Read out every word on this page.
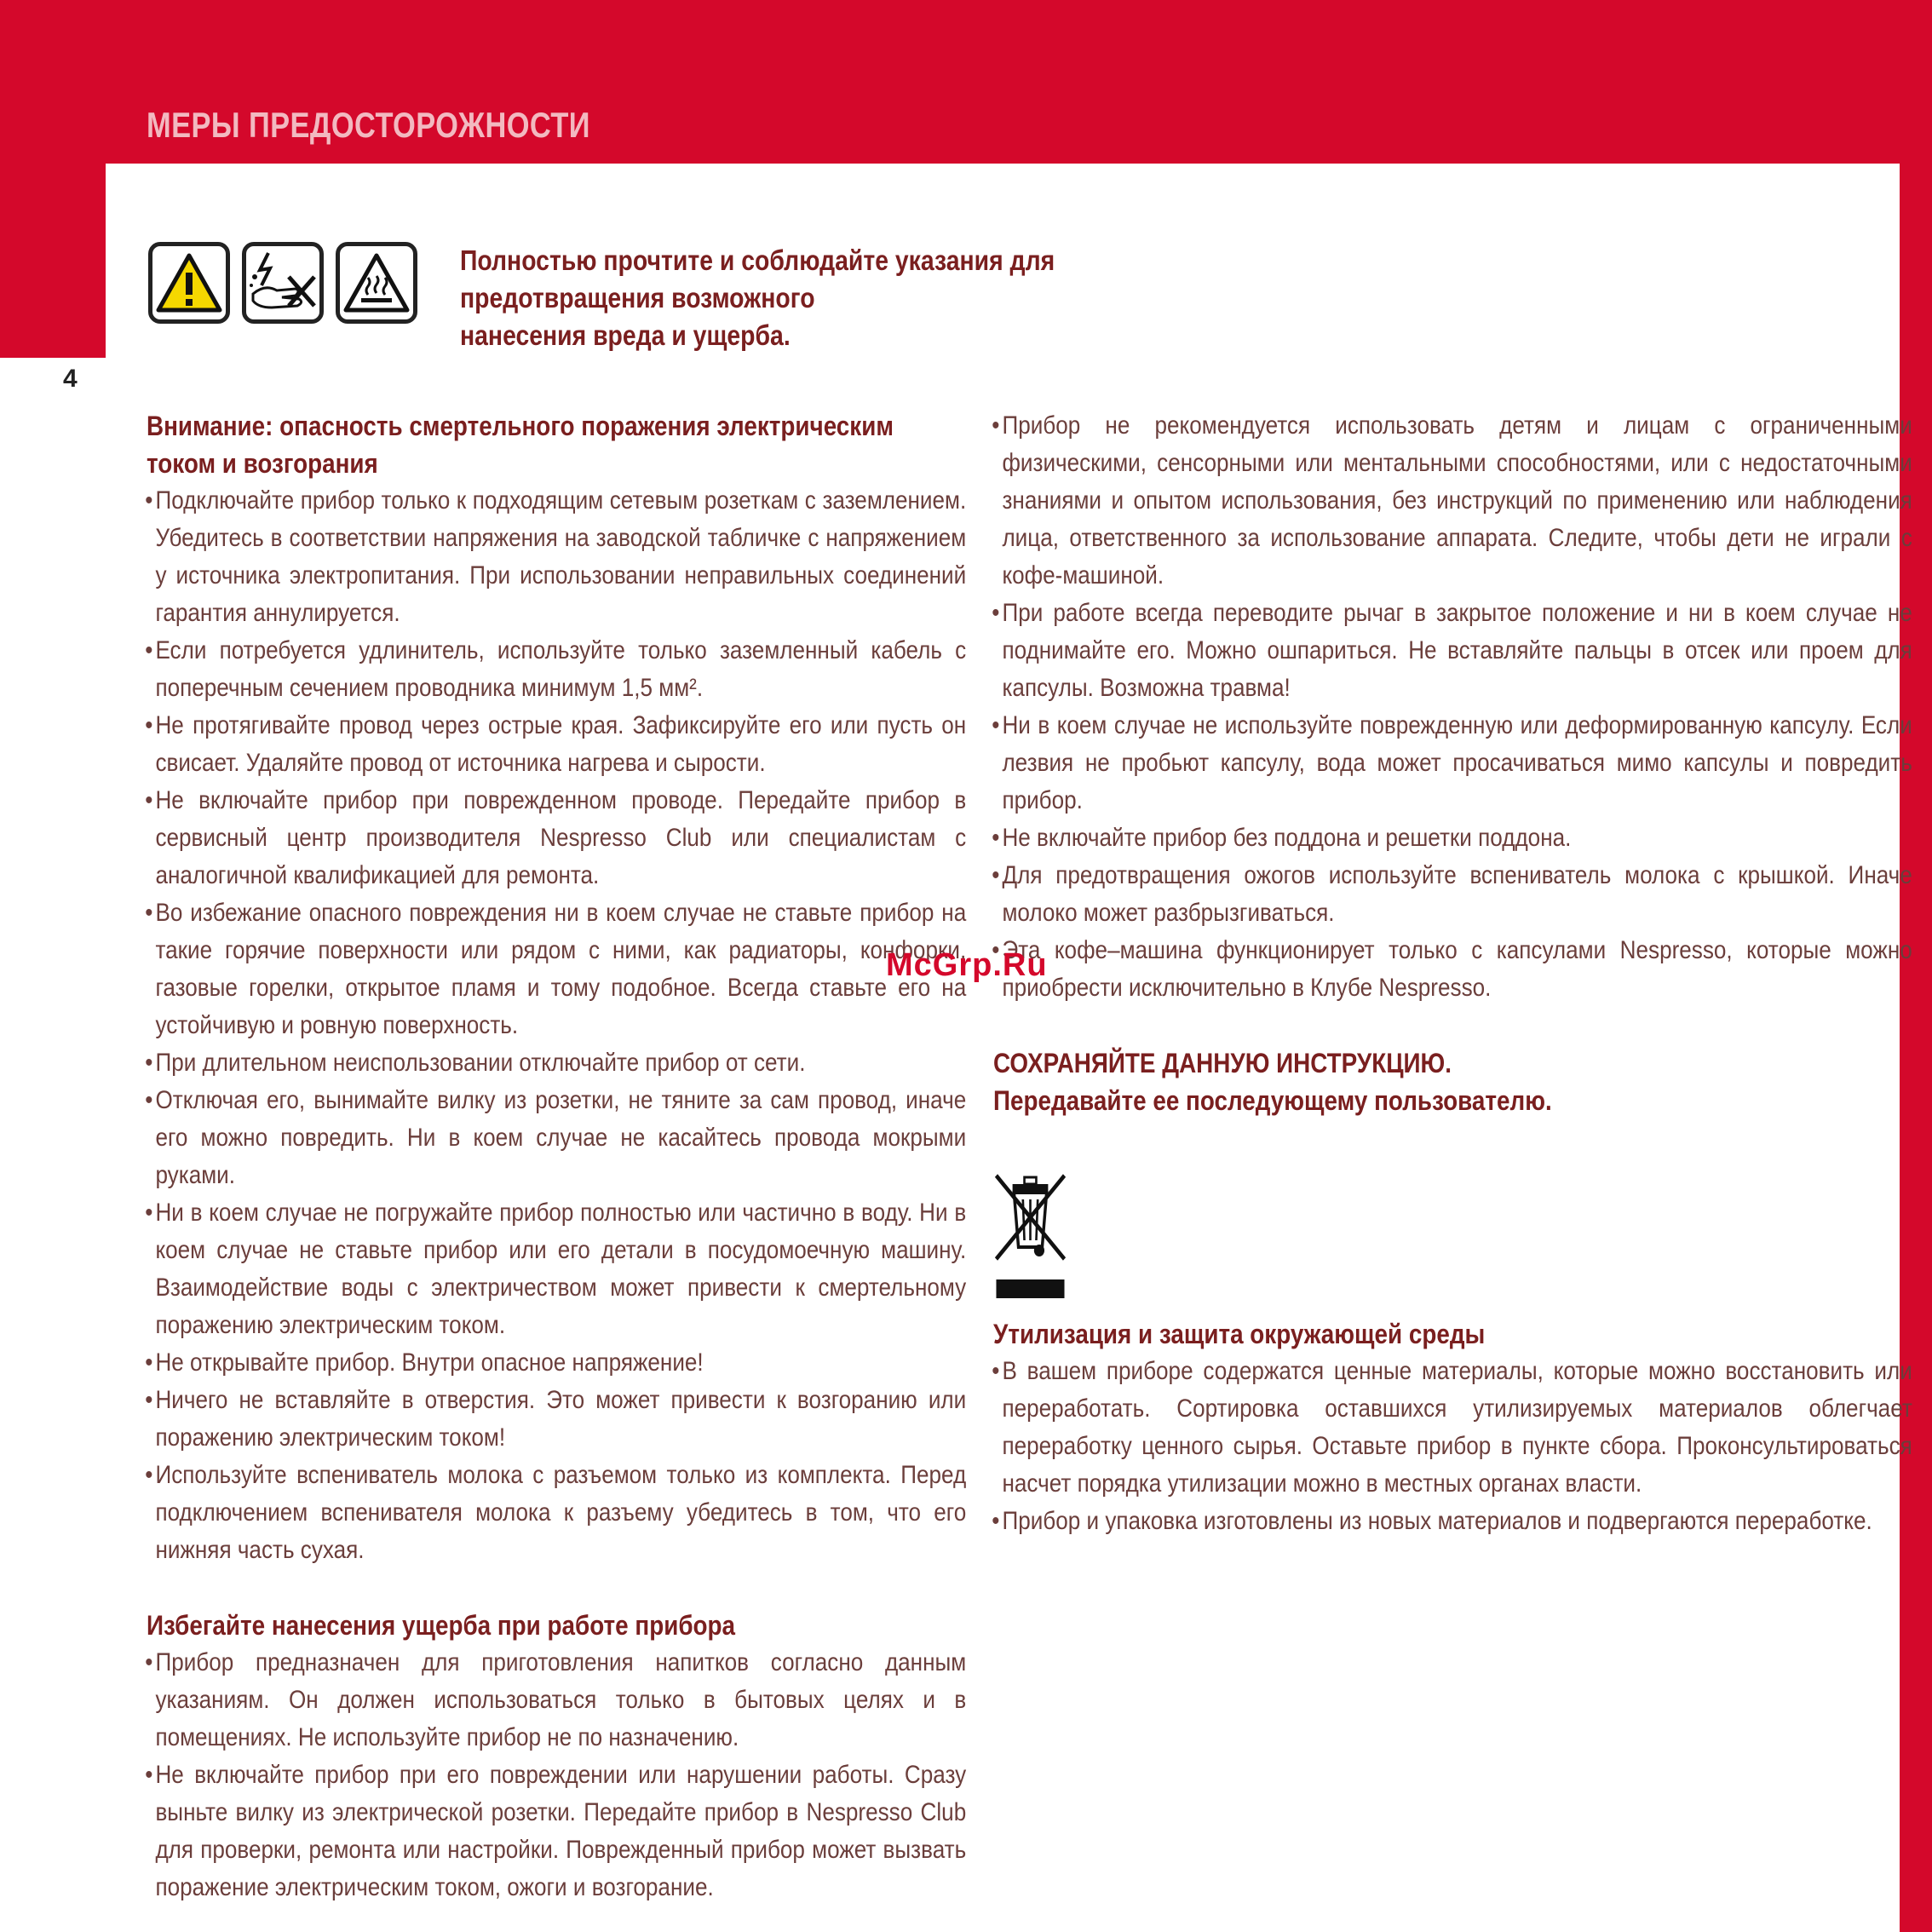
МЕРЫ ПРЕДОСТОРОЖНОСТИ
4

Полностью прочтите и соблюдайте указания для предотвращения возможного
нанесения вреда и ущерба.

Внимание: опасность смертельного поражения электрическим током и возгорания
• Подключайте прибор только к подходящим сетевым розеткам с заземлением. Убедитесь в соответствии напряжения на заводской табличке с напряжением у источника электропитания. При использовании неправильных соединений гарантия аннулируется.
• Если потребуется удлинитель, используйте только заземленный кабель с поперечным сечением проводника минимум 1,5 мм².
• Не протягивайте провод через острые края. Зафиксируйте его или пусть он свисает. Удаляйте провод от источника нагрева и сырости.
• Не включайте прибор при поврежденном проводе. Передайте прибор в сервисный центр производителя Nespresso Club или специалистам с аналогичной квалификацией для ремонта.
• Во избежание опасного повреждения ни в коем случае не ставьте прибор на такие горячие поверхности или рядом с ними, как радиаторы, конфорки, газовые горелки, открытое пламя и тому подобное. Всегда ставьте его на устойчивую и ровную поверхность.
• При длительном неиспользовании отключайте прибор от сети.
• Отключая его, вынимайте вилку из розетки, не тяните за сам провод, иначе его можно повредить. Ни в коем случае не касайтесь провода мокрыми руками.
• Ни в коем случае не погружайте прибор полностью или частично в воду. Ни в коем случае не ставьте прибор или его детали в посудомоечную машину. Взаимодействие воды с электричеством может привести к смертельному поражению электрическим током.
• Не открывайте прибор. Внутри опасное напряжение!
• Ничего не вставляйте в отверстия. Это может привести к возгоранию или поражению электрическим током!
• Используйте вспениватель молока с разъемом только из комплекта. Перед подключением вспенивателя молока к разъему убедитесь в том, что его нижняя часть сухая.
Избегайте нанесения ущерба при работе прибора
• Прибор предназначен для приготовления напитков согласно данным указаниям. Он должен использоваться только в бытовых целях и в помещениях. Не используйте прибор не по назначению.
• Не включайте прибор при его повреждении или нарушении работы. Сразу выньте вилку из электрической розетки. Передайте прибор в Nespresso Club для проверки, ремонта или настройки. Поврежденный прибор может вызвать поражение электрическим током, ожоги и возгорание.
• Прибор не рекомендуется использовать детям и лицам с ограниченными физическими, сенсорными или ментальными способностями, или с недостаточными знаниями и опытом использования, без инструкций по применению или наблюдения лица, ответственного за использование аппарата. Следите, чтобы дети не играли с кофе-машиной.
• При работе всегда переводите рычаг в закрытое положение и ни в коем случае не поднимайте его. Можно ошпариться. Не вставляйте пальцы в отсек или проем для капсулы. Возможна травма!
• Ни в коем случае не используйте поврежденную или деформированную капсулу. Если лезвия не пробьют капсулу, вода может просачиваться мимо капсулы и повредить прибор.
• Не включайте прибор без поддона и решетки поддона.
• Для предотвращения ожогов используйте вспениватель молока с крышкой. Иначе молоко может разбрызгиваться.
• Эта кофе–машина функционирует только с капсулами Nespresso, которые можно приобрести исключительно в Клубе Nespresso.

СОХРАНЯЙТЕ ДАННУЮ ИНСТРУКЦИЮ.

Передавайте ее последующему пользователю.

Утилизация и защита окружающей среды
• В вашем приборе содержатся ценные материалы, которые можно восстановить или переработать. Сортировка оставшихся утилизируемых материалов облегчает переработку ценного сырья. Оставьте прибор в пункте сбора. Проконсультироваться насчет порядка утилизации можно в местных органах власти.
• Прибор и упаковка изготовлены из новых материалов и подвергаются переработке.
McGrp.Ru
